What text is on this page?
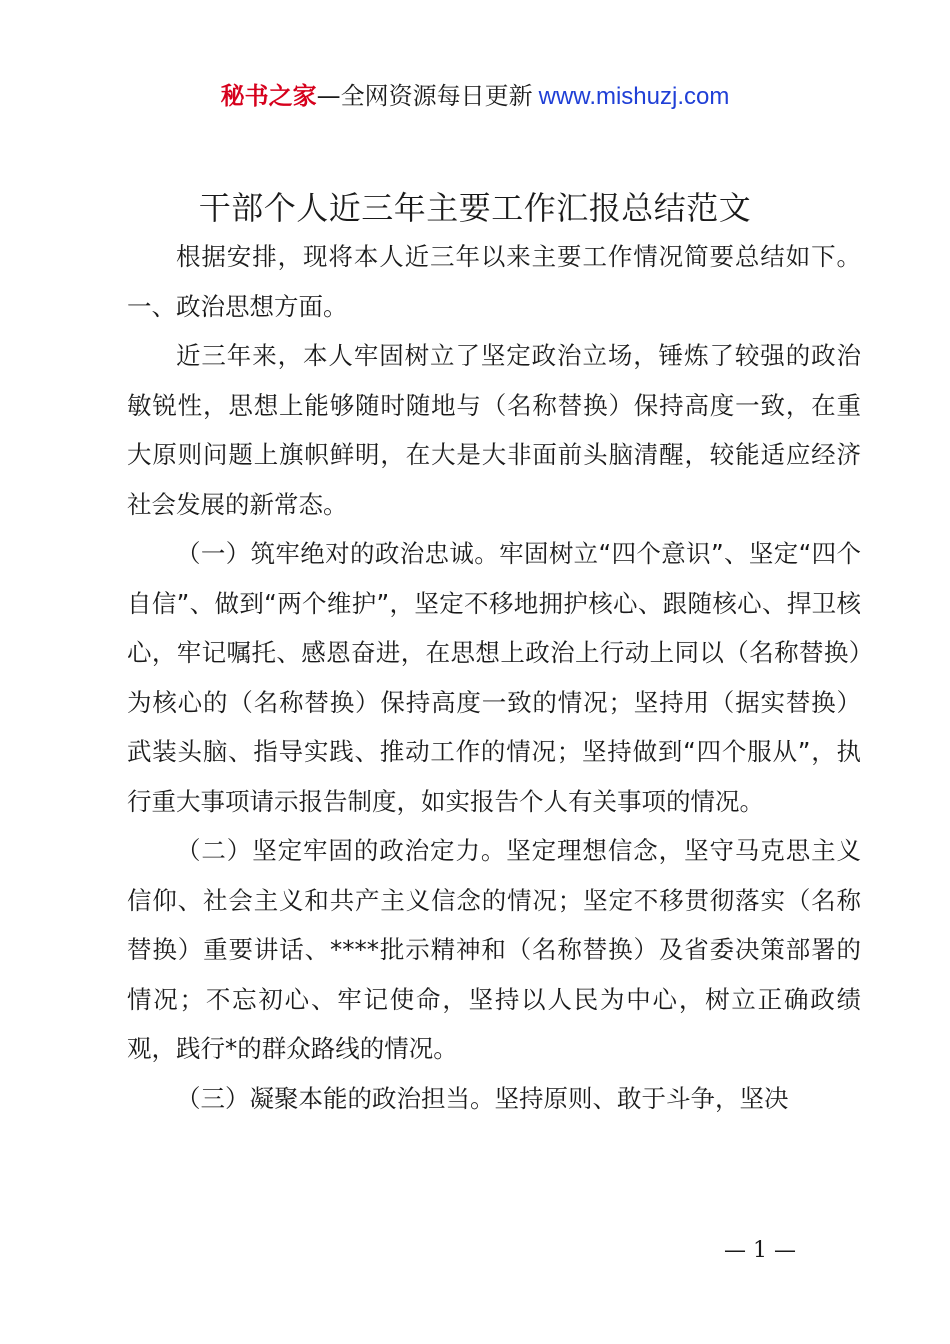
秘书之家—全网资源每日更新 www.mishuzj.com
干部个人近三年主要工作汇报总结范文

根据安排，现将本人近三年以来主要工作情况简要总结如下。一、政治思想方面。

近三年来，本人牢固树立了坚定政治立场，锤炼了较强的政治敏锐性，思想上能够随时随地与（名称替换）保持高度一致，在重大原则问题上旗帜鲜明，在大是大非面前头脑清醒，较能适应经济社会发展的新常态。

（一）筑牢绝对的政治忠诚。牢固树立“四个意识”、坚定“四个自信”、做到“两个维护”，坚定不移地拥护核心、跟随核心、捍卫核心，牢记嘱托、感恩奋进，在思想上政治上行动上同以（名称替换）为核心的（名称替换）保持高度一致的情况；坚持用（据实替换）武装头脑、指导实践、推动工作的情况；坚持做到“四个服从”，执行重大事项请示报告制度，如实报告个人有关事项的情况。

（二）坚定牢固的政治定力。坚定理想信念，坚守马克思主义信仰、社会主义和共产主义信念的情况；坚定不移贯彻落实（名称替换）重要讲话、****批示精神和（名称替换）及省委决策部署的情况；不忘初心、牢记使命，坚持以人民为中心，树立正确政绩观，践行*的群众路线的情况。

（三）凝聚本能的政治担当。坚持原则、敢于斗争，坚决

— 1 —
